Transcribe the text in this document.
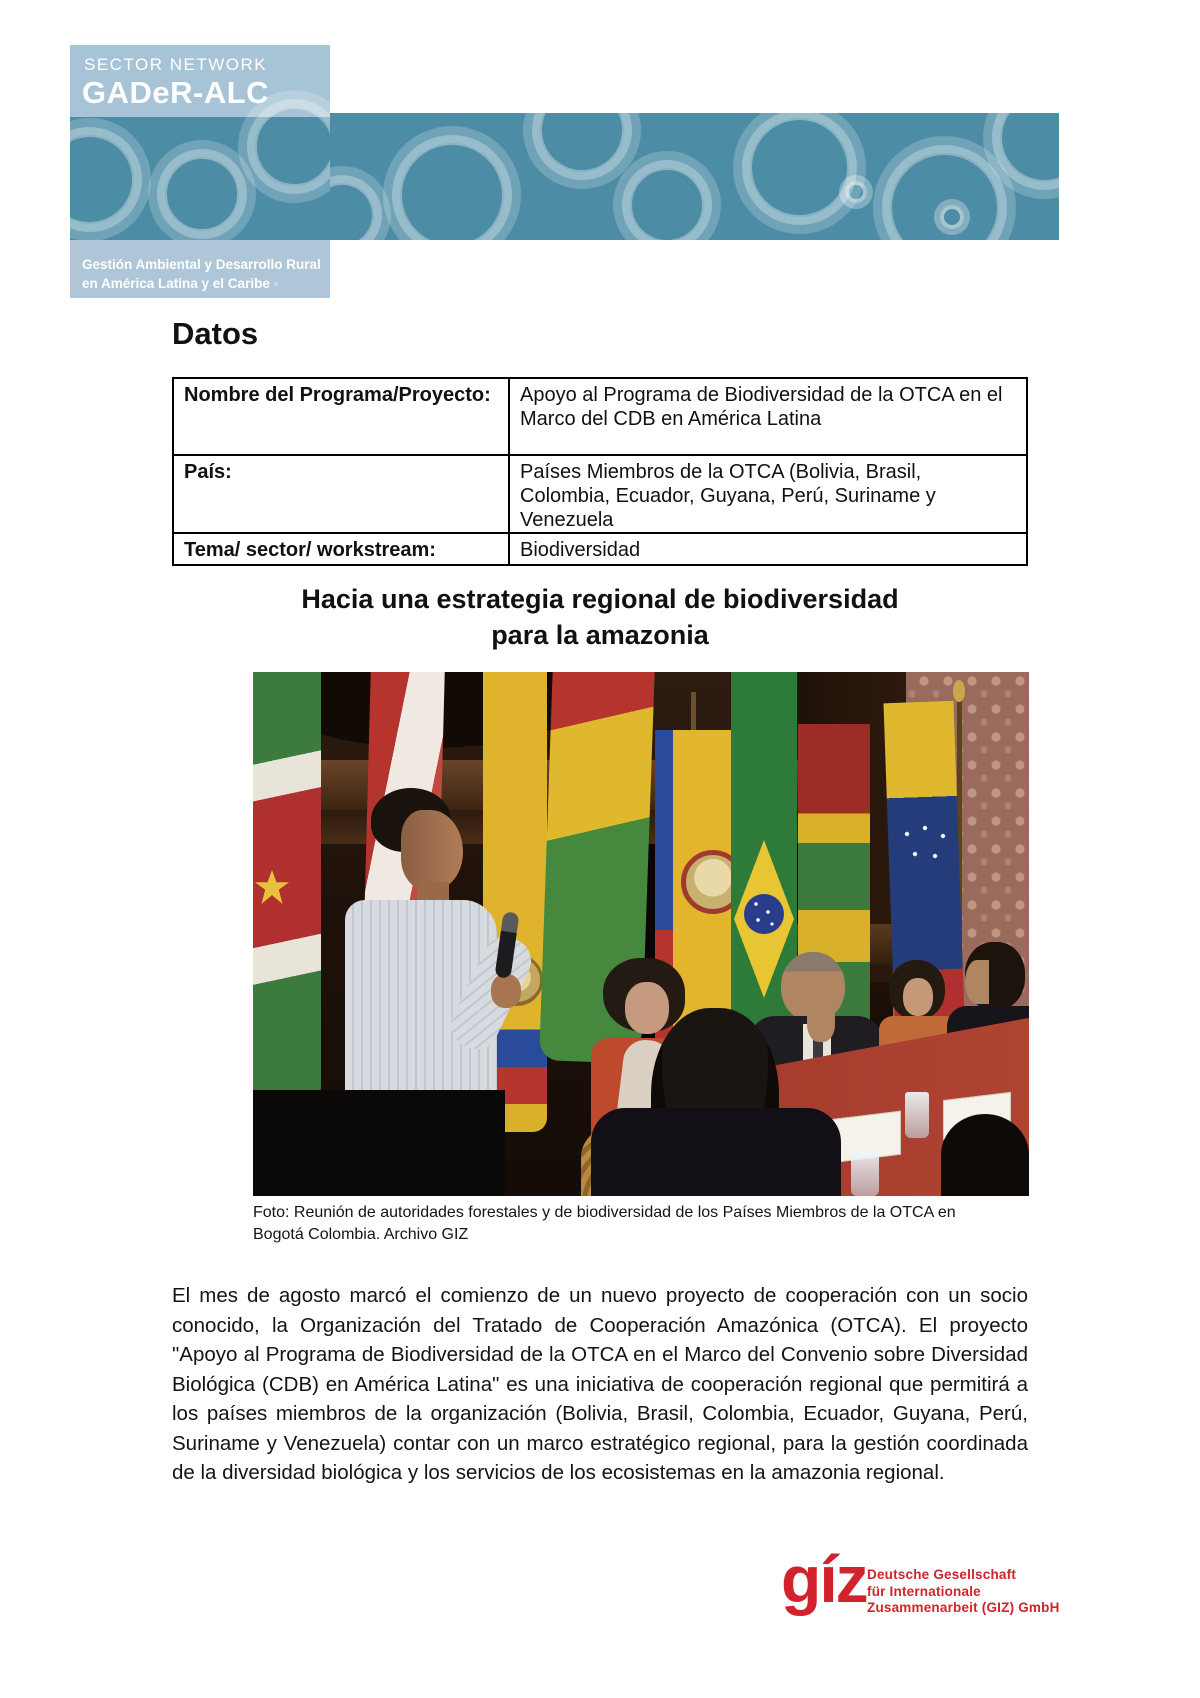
SECTOR NETWORK
GADeR-ALC
Gestión Ambiental y Desarrollo Rural
en América Latina y el Caribe ◦
Datos
Nombre del Programa/Proyecto:	Apoyo al Programa de Biodiversidad de la OTCA en el Marco del CDB en América Latina
País:	Países Miembros de la OTCA (Bolivia, Brasil, Colombia, Ecuador, Guyana, Perú, Suriname y Venezuela
Tema/ sector/ workstream:	Biodiversidad
Hacia una estrategia regional de biodiversidad
para la amazonia
Foto: Reunión de autoridades forestales y de biodiversidad de los Países Miembros de la OTCA en Bogotá Colombia. Archivo GIZ
El mes de agosto marcó el comienzo de un nuevo proyecto de cooperación con un socio conocido, la Organización del Tratado de Cooperación Amazónica (OTCA). El proyecto "Apoyo al Programa de Biodiversidad de la OTCA en el Marco del Convenio sobre Diversidad Biológica (CDB) en América Latina" es una iniciativa de cooperación regional que permitirá a los países miembros de la organización (Bolivia, Brasil, Colombia, Ecuador, Guyana, Perú, Suriname y Venezuela) contar con un marco estratégico regional, para la gestión coordinada de la diversidad biológica y los servicios de los ecosistemas en la amazonia regional.
gíz Deutsche Gesellschaft
für Internationale
Zusammenarbeit (GIZ) GmbH
